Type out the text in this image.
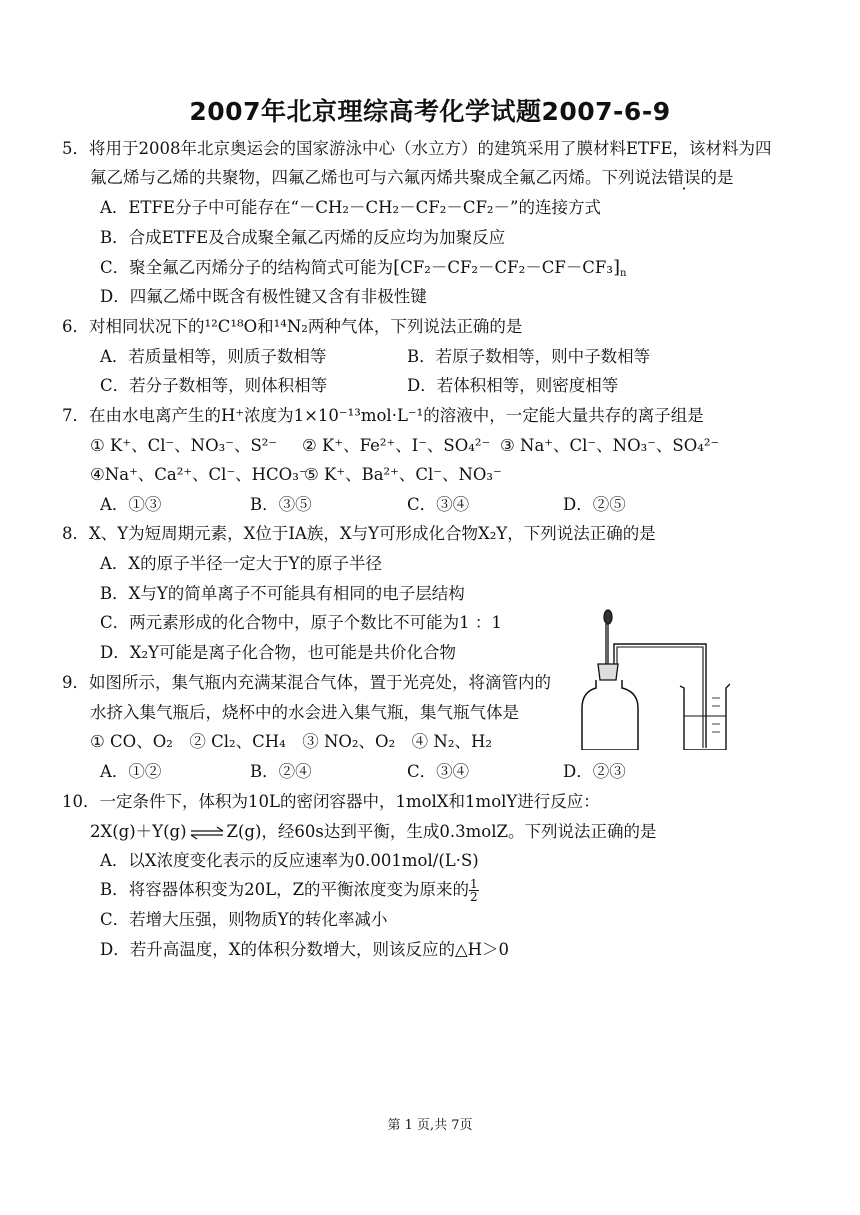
2007年北京理综高考化学试题2007-6-9
5．将用于2008年北京奥运会的国家游泳中心（水立方）的建筑采用了膜材料ETFE，该材料为四
氟乙烯与乙烯的共聚物，四氟乙烯也可与六氟丙烯共聚成全氟乙丙烯。下列说法错误的是
A．ETFE分子中可能存在“－CH₂－CH₂－CF₂－CF₂－”的连接方式
B．合成ETFE及合成聚全氟乙丙烯的反应均为加聚反应
C．聚全氟乙丙烯分子的结构简式可能为$[CF_2-CF_2-CF_2-CF-CF_3]_n$
D．四氟乙烯中既含有极性键又含有非极性键
6．对相同状况下的¹²C¹⁸O和¹⁴N₂两种气体，下列说法正确的是
A．若质量相等，则质子数相等	B．若原子数相等，则中子数相等
C．若分子数相等，则体积相等	D．若体积相等，则密度相等
7．在由水电离产生的H⁺浓度为1×10⁻¹³mol·L⁻¹的溶液中，一定能大量共存的离子组是
① K⁺、Cl⁻、NO₃⁻、S²⁻ ② K⁺、Fe²⁺、I⁻、SO₄²⁻ ③ Na⁺、Cl⁻、NO₃⁻、SO₄²⁻
④Na⁺、Ca²⁺、Cl⁻、HCO₃⁻
⑤ K⁺、Ba²⁺、Cl⁻、NO₃⁻
A．①③	B．③⑤	C．③④	D．②⑤
8．X、Y为短周期元素，X位于IA族，X与Y可形成化合物X₂Y，下列说法正确的是
A．X的原子半径一定大于Y的原子半径
B．X与Y的简单离子不可能具有相同的电子层结构
C．两元素形成的化合物中，原子个数比不可能为1 ：1
D．X₂Y可能是离子化合物，也可能是共价化合物
9．如图所示，集气瓶内充满某混合气体，置于光亮处，将滴管内的
水挤入集气瓶后，烧杯中的水会进入集气瓶，集气瓶气体是
① CO、O₂　② Cl₂、CH₄　③ NO₂、O₂　④ N₂、H₂
A．①②	B．②④	C．③④	D．②③
10．一定条件下，体积为10L的密闭容器中，1molX和1molY进行反应：
2X(g)＋Y(g) ⇌ Z(g)，经60s达到平衡，生成0.3molZ。下列说法正确的是
A．以X浓度变化表示的反应速率为0.001mol/(L·S)
B．将容器体积变为20L，Z的平衡浓度变为原来的 $\frac{1}{2}$
C．若增大压强，则物质Y的转化率减小
D．若升高温度，X的体积分数增大，则该反应的△H＞0
第 1 页,共 7页
